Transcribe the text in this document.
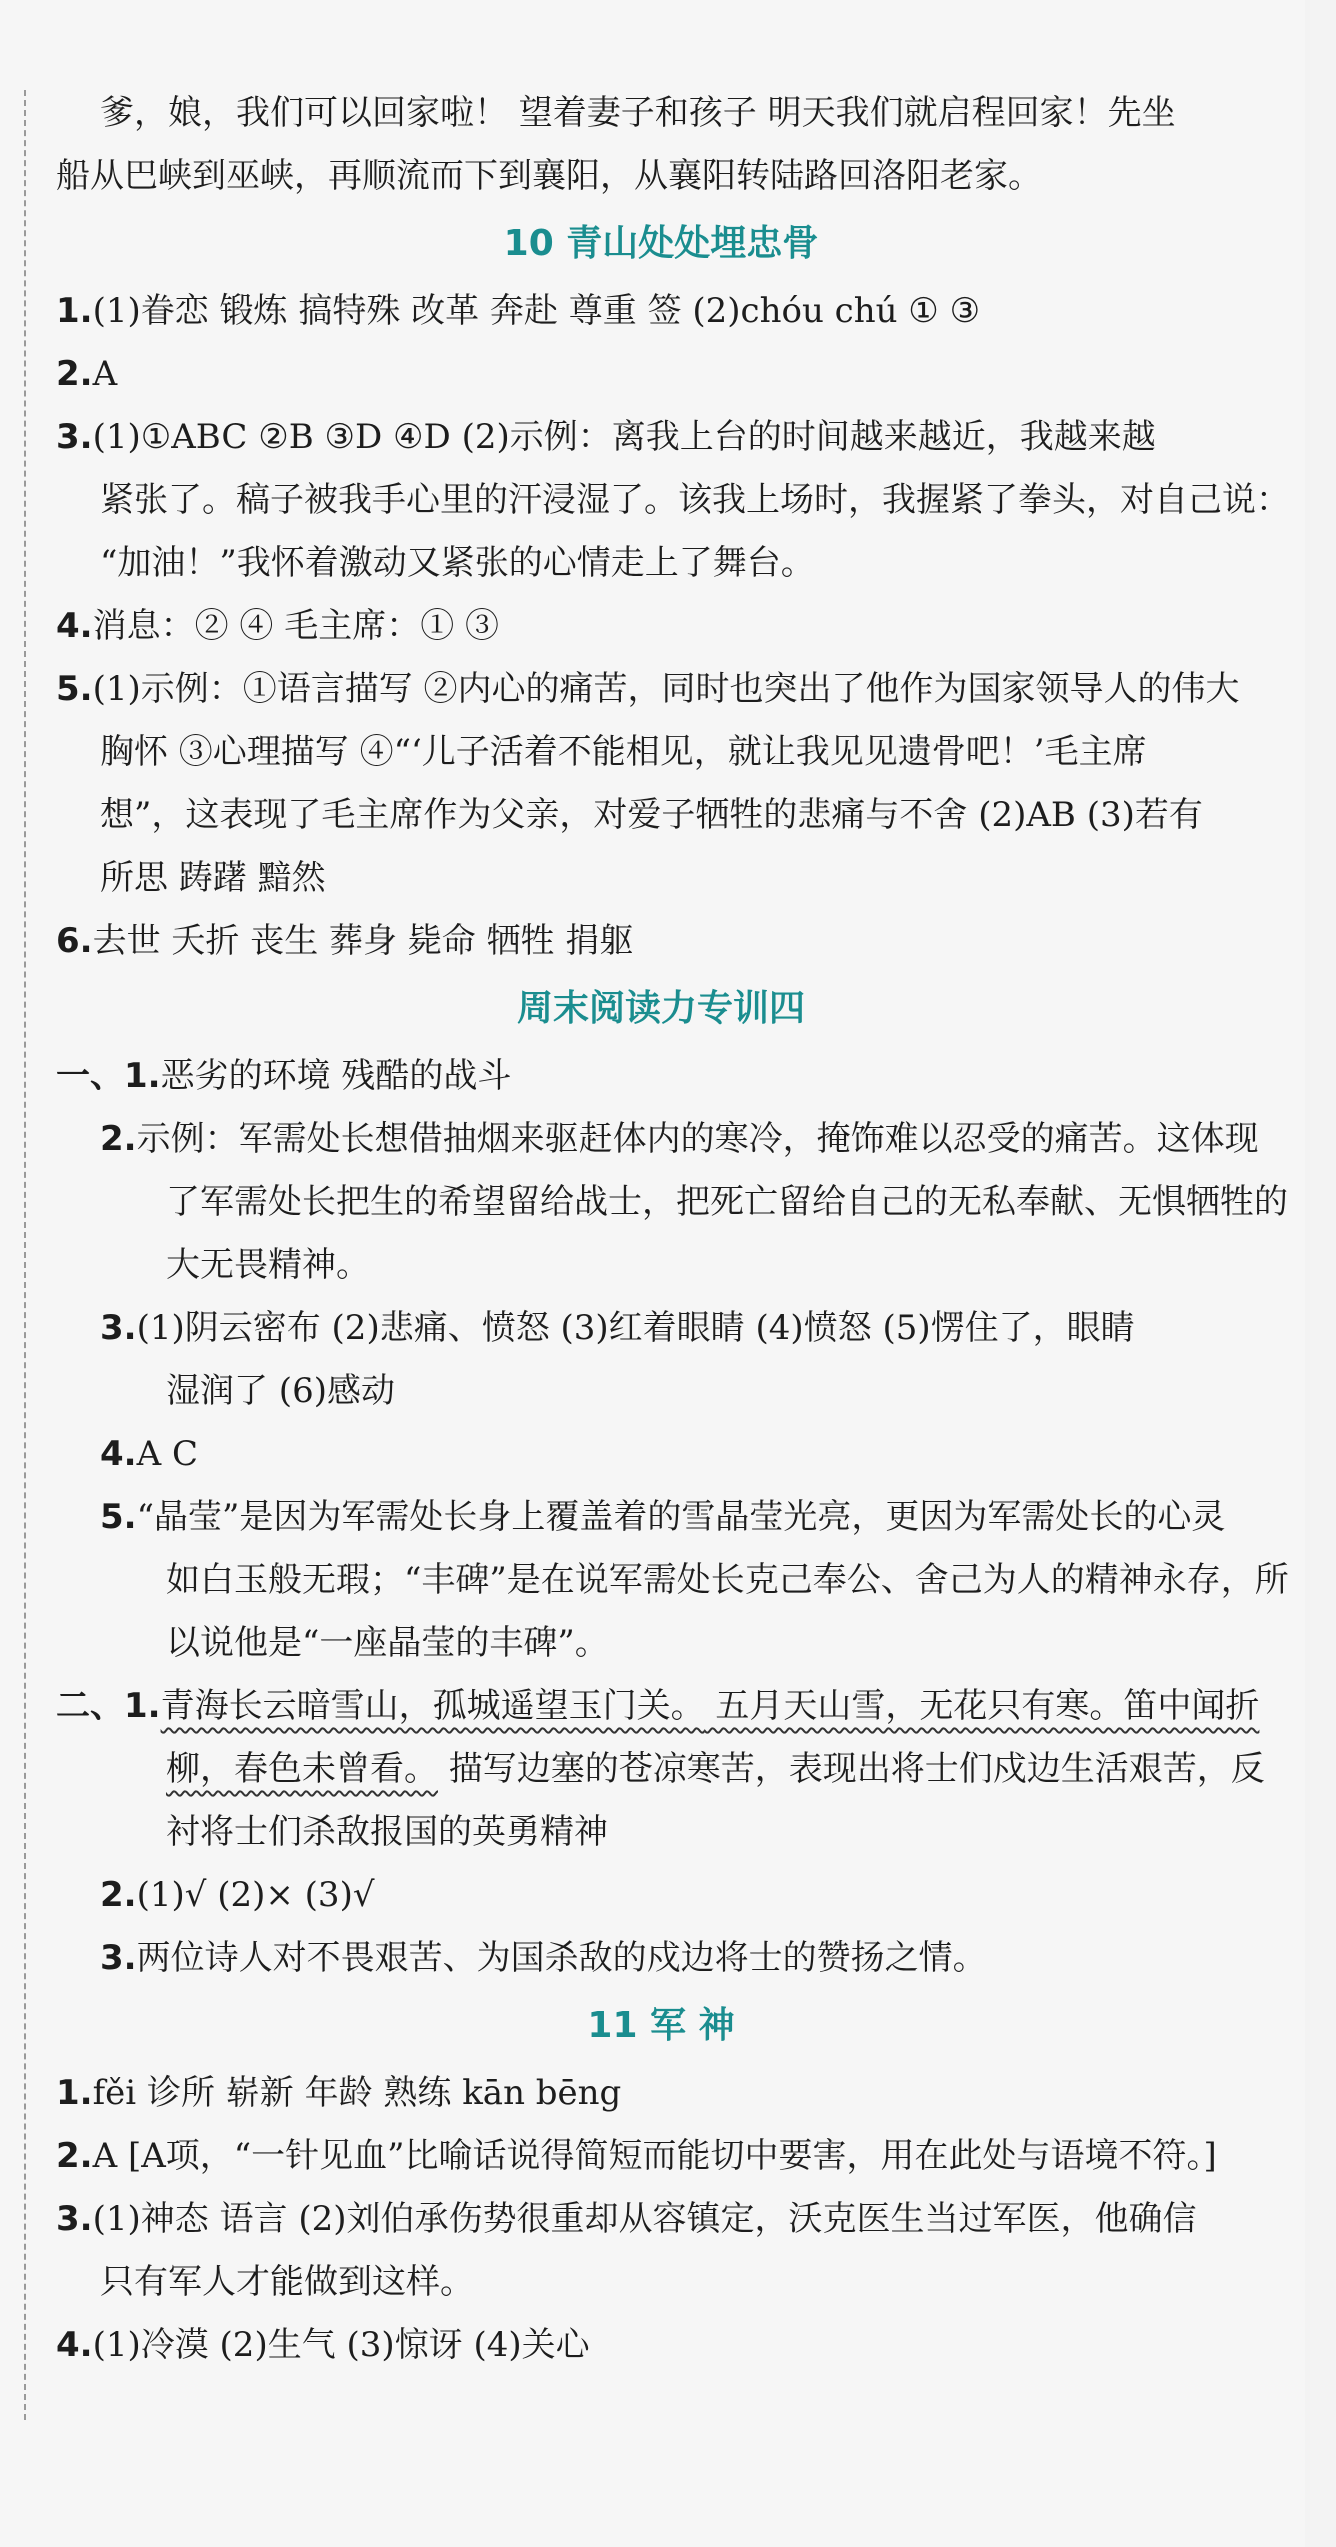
爹，娘，我们可以回家啦！ 望着妻子和孩子 明天我们就启程回家！先坐
船从巴峡到巫峡，再顺流而下到襄阳，从襄阳转陆路回洛阳老家。
10 青山处处埋忠骨
1.(1)眷恋 锻炼 搞特殊 改革 奔赴 尊重 签 (2)chóu chú ① ③
2.A
3.(1)①ABC ②B ③D ④D (2)示例：离我上台的时间越来越近，我越来越
紧张了。稿子被我手心里的汗浸湿了。该我上场时，我握紧了拳头，对自己说：
“加油！”我怀着激动又紧张的心情走上了舞台。
4.消息：② ④ 毛主席：① ③
5.(1)示例：①语言描写 ②内心的痛苦，同时也突出了他作为国家领导人的伟大
胸怀 ③心理描写 ④“‘儿子活着不能相见，就让我见见遗骨吧！’毛主席
想”，这表现了毛主席作为父亲，对爱子牺牲的悲痛与不舍 (2)AB (3)若有
所思 踌躇 黯然
6.去世 夭折 丧生 葬身 毙命 牺牲 捐躯
周末阅读力专训四
一、1.恶劣的环境 残酷的战斗
2.示例：军需处长想借抽烟来驱赶体内的寒冷，掩饰难以忍受的痛苦。这体现
了军需处长把生的希望留给战士，把死亡留给自己的无私奉献、无惧牺牲的
大无畏精神。
3.(1)阴云密布 (2)悲痛、愤怒 (3)红着眼睛 (4)愤怒 (5)愣住了，眼睛
湿润了 (6)感动
4.A C
5.“晶莹”是因为军需处长身上覆盖着的雪晶莹光亮，更因为军需处长的心灵
如白玉般无瑕；“丰碑”是在说军需处长克己奉公、舍己为人的精神永存，所
以说他是“一座晶莹的丰碑”。
二、1.青海长云暗雪山，孤城遥望玉门关。 五月天山雪，无花只有寒。笛中闻折
柳，春色未曾看。 描写边塞的苍凉寒苦，表现出将士们戍边生活艰苦，反
衬将士们杀敌报国的英勇精神
2.(1)√ (2)× (3)√
3.两位诗人对不畏艰苦、为国杀敌的戍边将士的赞扬之情。
11 军 神
1.fěi 诊所 崭新 年龄 熟练 kān bēng
2.A [A项，“一针见血”比喻话说得简短而能切中要害，用在此处与语境不符。]
3.(1)神态 语言 (2)刘伯承伤势很重却从容镇定，沃克医生当过军医，他确信
只有军人才能做到这样。
4.(1)冷漠 (2)生气 (3)惊讶 (4)关心
